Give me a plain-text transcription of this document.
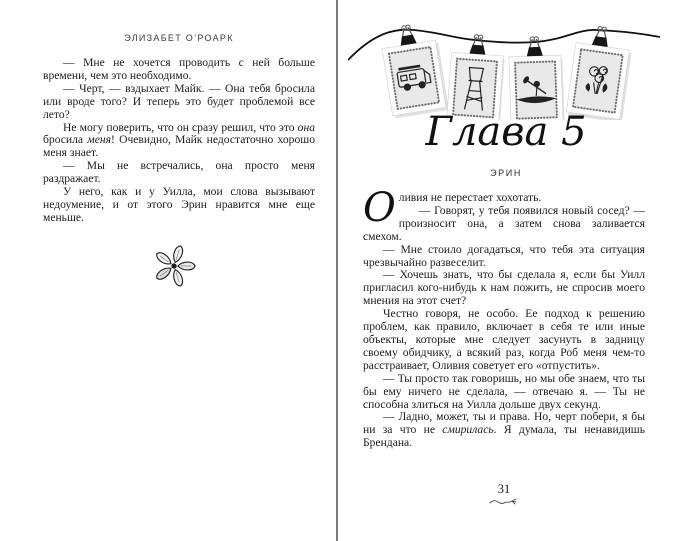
ЭЛИЗАБЕТ О’РОАРК

— Мне не хочется проводить с ней больше времени, чем это необходимо.

— Черт, — вздыхает Майк. — Она тебя бросила или вроде того? И теперь это будет проблемой все лето?

Не могу поверить, что он сразу решил, что это она бросила меня! Очевидно, Майк недостаточно хорошо меня знает.

— Мы не встречались, она просто меня раздражает.

У него, как и у Уилла, мои слова вызывают недоумение, и от этого Эрин нравится мне еще меньше.

Глава 5
ЭРИН
О ливия не перестает хохотать.

— Говорят, у тебя появился новый сосед? — произносит она, а затем снова заливается смехом.

— Мне стоило догадаться, что тебя эта ситуация чрезвычайно развеселит.

— Хочешь знать, что бы сделала я, если бы Уилл пригласил кого-нибудь к нам пожить, не спросив моего мнения на этот счет?

Честно говоря, не особо. Ее подход к решению проблем, как правило, включает в себя те или иные объекты, которые мне следует засунуть в задницу своему обидчику, а всякий раз, когда Роб меня чем-то расстраивает, Оливия советует его «отпустить».

— Ты просто так говоришь, но мы обе знаем, что ты бы ему ничего не сделала, — отвечаю я. — Ты не способна злиться на Уилла дольше двух секунд.

— Ладно, может, ты и права. Но, черт побери, я бы ни за что не смирилась. Я думала, ты ненавидишь Брендана.

31
